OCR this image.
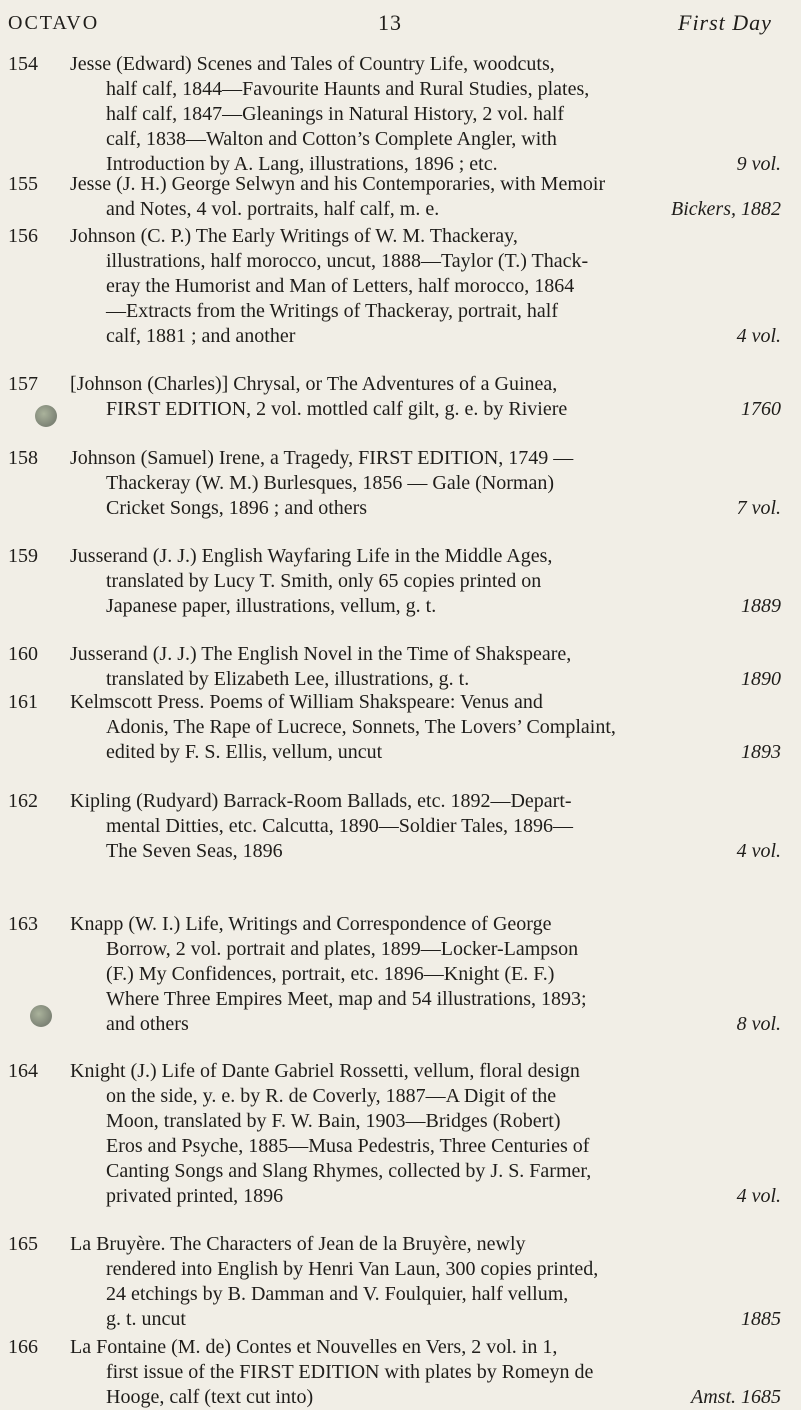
OCTAVO	13	First Day
154	Jesse (Edward) Scenes and Tales of Country Life, woodcuts,
half calf, 1844—Favourite Haunts and Rural Studies, plates,
half calf, 1847—Gleanings in Natural History, 2 vol. half
calf, 1838—Walton and Cotton’s Complete Angler, with
Introduction by A. Lang, illustrations, 1896 ; etc.	9 vol.
155	Jesse (J. H.) George Selwyn and his Contemporaries, with Memoir
and Notes, 4 vol. portraits, half calf, m. e.	Bickers, 1882
156	Johnson (C. P.) The Early Writings of W. M. Thackeray,
illustrations, half morocco, uncut, 1888—Taylor (T.) Thack-
eray the Humorist and Man of Letters, half morocco, 1864
—Extracts from the Writings of Thackeray, portrait, half
calf, 1881 ; and another	4 vol.
157	[Johnson (Charles)] Chrysal, or The Adventures of a Guinea,
FIRST EDITION, 2 vol. mottled calf gilt, g. e. by Riviere	1760
158	Johnson (Samuel) Irene, a Tragedy, FIRST EDITION, 1749 —
Thackeray (W. M.) Burlesques, 1856 — Gale (Norman)
Cricket Songs, 1896 ; and others	7 vol.
159	Jusserand (J. J.) English Wayfaring Life in the Middle Ages,
translated by Lucy T. Smith, only 65 copies printed on
Japanese paper, illustrations, vellum, g. t.	1889
160	Jusserand (J. J.) The English Novel in the Time of Shakspeare,
translated by Elizabeth Lee, illustrations, g. t.	1890
161	Kelmscott Press. Poems of William Shakspeare: Venus and
Adonis, The Rape of Lucrece, Sonnets, The Lovers’ Complaint,
edited by F. S. Ellis, vellum, uncut	1893
162	Kipling (Rudyard) Barrack-Room Ballads, etc. 1892—Depart-
mental Ditties, etc. Calcutta, 1890—Soldier Tales, 1896—
The Seven Seas, 1896	4 vol.
163	Knapp (W. I.) Life, Writings and Correspondence of George
Borrow, 2 vol. portrait and plates, 1899—Locker-Lampson
(F.) My Confidences, portrait, etc. 1896—Knight (E. F.)
Where Three Empires Meet, map and 54 illustrations, 1893;
and others	8 vol.
164	Knight (J.) Life of Dante Gabriel Rossetti, vellum, floral design
on the side, y. e. by R. de Coverly, 1887—A Digit of the
Moon, translated by F. W. Bain, 1903—Bridges (Robert)
Eros and Psyche, 1885—Musa Pedestris, Three Centuries of
Canting Songs and Slang Rhymes, collected by J. S. Farmer,
privated printed, 1896	4 vol.
165	La Bruyère. The Characters of Jean de la Bruyère, newly
rendered into English by Henri Van Laun, 300 copies printed,
24 etchings by B. Damman and V. Foulquier, half vellum,
g. t. uncut	1885
166	La Fontaine (M. de) Contes et Nouvelles en Vers, 2 vol. in 1,
first issue of the FIRST EDITION with plates by Romeyn de
Hooge, calf (text cut into)	Amst. 1685
